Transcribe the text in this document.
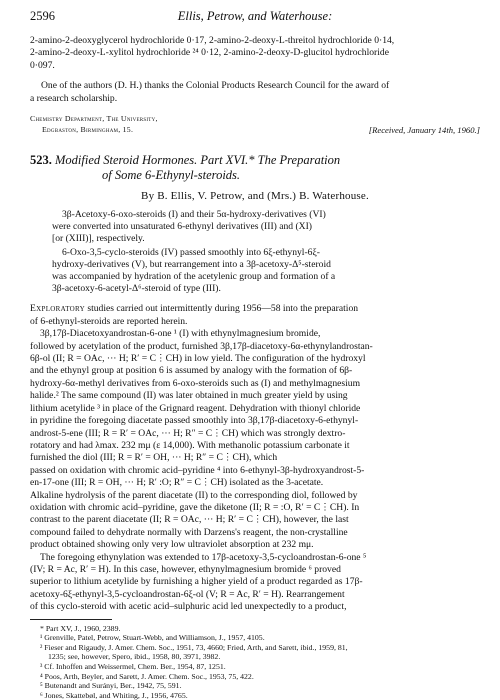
2596	Ellis, Petrow, and Waterhouse:
2-amino-2-deoxyglycerol hydrochloride 0·17, 2-amino-2-deoxy-L-threitol hydrochloride 0·14,
2-amino-2-deoxy-L-xylitol hydrochloride ²⁴ 0·12, 2-amino-2-deoxy-D-glucitol hydrochloride
0·097.
One of the authors (D. H.) thanks the Colonial Products Research Council for the award of
a research scholarship.
Chemistry Department, The University,
Edgbaston, Birmingham, 15.	[Received, January 14th, 1960.]
523. Modified Steroid Hormones. Part XVI.* The Preparation
of Some 6-Ethynyl-steroids.
By B. Ellis, V. Petrow, and (Mrs.) B. Waterhouse.

3β-Acetoxy-6-oxo-steroids (I) and their 5α-hydroxy-derivatives (VI)
were converted into unsaturated 6-ethynyl derivatives (III) and (XI)
[or (XIII)], respectively.

6-Oxo-3,5-cyclo-steroids (IV) passed smoothly into 6ξ-ethynyl-6ξ-
hydroxy-derivatives (V), but rearrangement into a 3β-acetoxy-Δ⁵-steroid
was accompanied by hydration of the acetylenic group and formation of a
3β-acetoxy-6-acetyl-Δ⁶-steroid of type (III).

Exploratory studies carried out intermittently during 1956—58 into the preparation
of 6-ethynyl-steroids are reported herein.
3β,17β-Diacetoxyandrostan-6-one ¹ (I) with ethynylmagnesium bromide,
followed by acetylation of the product, furnished 3β,17β-diacetoxy-6α-ethynylandrostan-
6β-ol (II; R = OAc, ··· H; R′ = C⋮CH) in low yield. The configuration of the hydroxyl
and the ethynyl group at position 6 is assumed by analogy with the formation of 6β-
hydroxy-6α-methyl derivatives from 6-oxo-steroids such as (I) and methylmagnesium
halide.² The same compound (II) was later obtained in much greater yield by using
lithium acetylide ³ in place of the Grignard reagent. Dehydration with thionyl chloride
in pyridine the foregoing diacetate passed smoothly into 3β,17β-diacetoxy-6-ethynyl-
androst-5-ene (III; R = R′ = OAc, ··· H; R″ = C⋮CH) which was strongly dextro-
rotatory and had λmax. 232 mμ (ε 14,000). With methanolic potassium carbonate it
furnished the diol (III; R = R′ = OH, ··· H; R″ = C⋮CH), which
passed on oxidation with chromic acid–pyridine ⁴ into 6-ethynyl-3β-hydroxyandrost-5-
en-17-one (III; R = OH, ··· H; R′ :O; R″ = C⋮CH) isolated as the 3-acetate.
Alkaline hydrolysis of the parent diacetate (II) to the corresponding diol, followed by
oxidation with chromic acid–pyridine, gave the diketone (II; R = :O, R′ = C⋮CH). In
contrast to the parent diacetate (II; R = OAc, ··· H; R′ = C⋮CH), however, the last
compound failed to dehydrate normally with Darzens's reagent, the non-crystalline
product obtained showing only very low ultraviolet absorption at 232 mμ.
The foregoing ethynylation was extended to 17β-acetoxy-3,5-cycloandrostan-6-one ⁵
(IV; R = Ac, R′ = H). In this case, however, ethynylmagnesium bromide ⁶ proved
superior to lithium acetylide by furnishing a higher yield of a product regarded as 17β-
acetoxy-6ξ-ethynyl-3,5-cycloandrostan-6ξ-ol (V; R = Ac, R′ = H). Rearrangement
of this cyclo-steroid with acetic acid–sulphuric acid led unexpectedly to a product,
* Part XV, J., 1960, 2389.
¹ Grenville, Patel, Petrow, Stuart-Webb, and Williamson, J., 1957, 4105.
² Fieser and Rigaudy, J. Amer. Chem. Soc., 1951, 73, 4660; Fried, Arth, and Sarett, ibid., 1959, 81,
1235; see, however, Spero, ibid., 1958, 80, 3971, 3982.
³ Cf. Inhoffen and Weissermel, Chem. Ber., 1954, 87, 1251.
⁴ Poos, Arth, Beyler, and Sarett, J. Amer. Chem. Soc., 1953, 75, 422.
⁵ Butenandt and Surányi, Ber., 1942, 75, 591.
⁶ Jones, Skattebøl, and Whiting, J., 1956, 4765.
